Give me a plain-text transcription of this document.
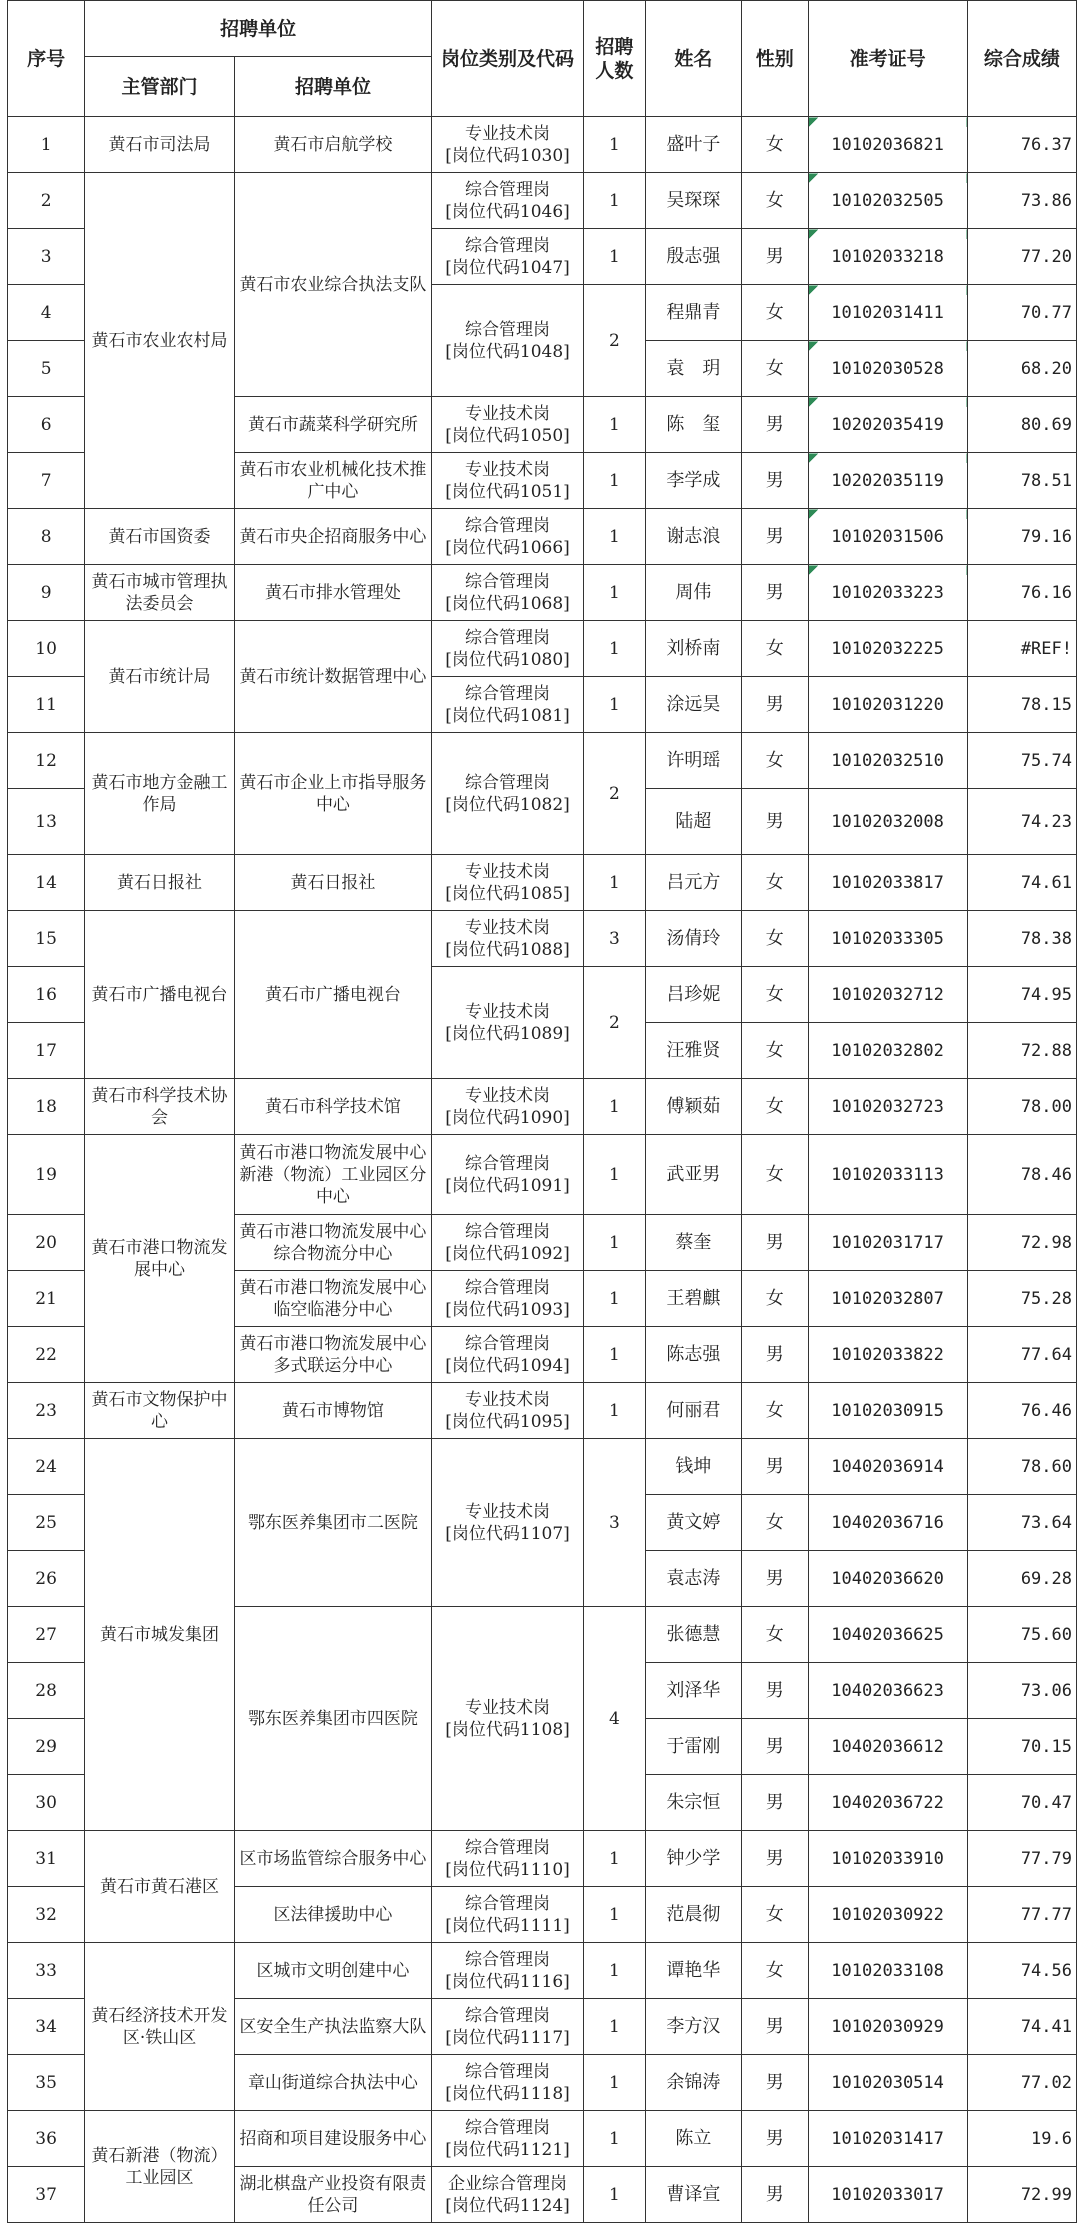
序号	招聘单位		岗位类别及代码	招聘人数	姓名	性别	准考证号	综合成绩
	主管部门	招聘单位						
1	黄石市司法局	黄石市启航学校	专业技术岗
[岗位代码1030]	1	盛叶子	女	10102036821	76.37
2	黄石市农业农村局	黄石市农业综合执法支队	综合管理岗
[岗位代码1046]	1	吴琛琛	女	10102032505	73.86
3			综合管理岗
[岗位代码1047]	1	殷志强	男	10102033218	77.20
4			综合管理岗
[岗位代码1048]	2	程鼎青	女	10102031411	70.77
5					袁　玥	女	10102030528	68.20
6		黄石市蔬菜科学研究所	专业技术岗
[岗位代码1050]	1	陈　玺	男	10202035419	80.69
7		黄石市农业机械化技术推广中心	专业技术岗
[岗位代码1051]	1	李学成	男	10202035119	78.51
8	黄石市国资委	黄石市央企招商服务中心	综合管理岗
[岗位代码1066]	1	谢志浪	男	10102031506	79.16
9	黄石市城市管理执法委员会	黄石市排水管理处	综合管理岗
[岗位代码1068]	1	周伟	男	10102033223	76.16
10	黄石市统计局	黄石市统计数据管理中心	综合管理岗
[岗位代码1080]	1	刘桥南	女	10102032225	#REF!
11			综合管理岗
[岗位代码1081]	1	涂远昊	男	10102031220	78.15
12	黄石市地方金融工作局	黄石市企业上市指导服务中心	综合管理岗
[岗位代码1082]	2	许明瑶	女	10102032510	75.74
13					陆超	男	10102032008	74.23
14	黄石日报社	黄石日报社	专业技术岗
[岗位代码1085]	1	吕元方	女	10102033817	74.61
15	黄石市广播电视台	黄石市广播电视台	专业技术岗
[岗位代码1088]	3	汤倩玲	女	10102033305	78.38
16			专业技术岗
[岗位代码1089]	2	吕珍妮	女	10102032712	74.95
17					汪雅贤	女	10102032802	72.88
18	黄石市科学技术协会	黄石市科学技术馆	专业技术岗
[岗位代码1090]	1	傅颖茹	女	10102032723	78.00
19	黄石市港口物流发展中心	黄石市港口物流发展中心新港（物流）工业园区分中心	综合管理岗
[岗位代码1091]	1	武亚男	女	10102033113	78.46
20		黄石市港口物流发展中心综合物流分中心	综合管理岗
[岗位代码1092]	1	蔡奎	男	10102031717	72.98
21		黄石市港口物流发展中心临空临港分中心	综合管理岗
[岗位代码1093]	1	王碧麒	女	10102032807	75.28
22		黄石市港口物流发展中心多式联运分中心	综合管理岗
[岗位代码1094]	1	陈志强	男	10102033822	77.64
23	黄石市文物保护中心	黄石市博物馆	专业技术岗
[岗位代码1095]	1	何丽君	女	10102030915	76.46
24	黄石市城发集团	鄂东医养集团市二医院	专业技术岗
[岗位代码1107]	3	钱坤	男	10402036914	78.60
25					黄文婷	女	10402036716	73.64
26					袁志涛	男	10402036620	69.28
27		鄂东医养集团市四医院	专业技术岗
[岗位代码1108]	4	张德慧	女	10402036625	75.60
28					刘泽华	男	10402036623	73.06
29					于雷刚	男	10402036612	70.15
30					朱宗恒	男	10402036722	70.47
31	黄石市黄石港区	区市场监管综合服务中心	综合管理岗
[岗位代码1110]	1	钟少学	男	10102033910	77.79
32		区法律援助中心	综合管理岗
[岗位代码1111]	1	范晨彻	女	10102030922	77.77
33	黄石经济技术开发区·铁山区	区城市文明创建中心	综合管理岗
[岗位代码1116]	1	谭艳华	女	10102033108	74.56
34		区安全生产执法监察大队	综合管理岗
[岗位代码1117]	1	李方汉	男	10102030929	74.41
35		章山街道综合执法中心	综合管理岗
[岗位代码1118]	1	余锦涛	男	10102030514	77.02
36	黄石新港（物流）工业园区	招商和项目建设服务中心	综合管理岗
[岗位代码1121]	1	陈立	男	10102031417	19.6
37		湖北棋盘产业投资有限责任公司	企业综合管理岗
[岗位代码1124]	1	曹译宣	男	10102033017	72.99
